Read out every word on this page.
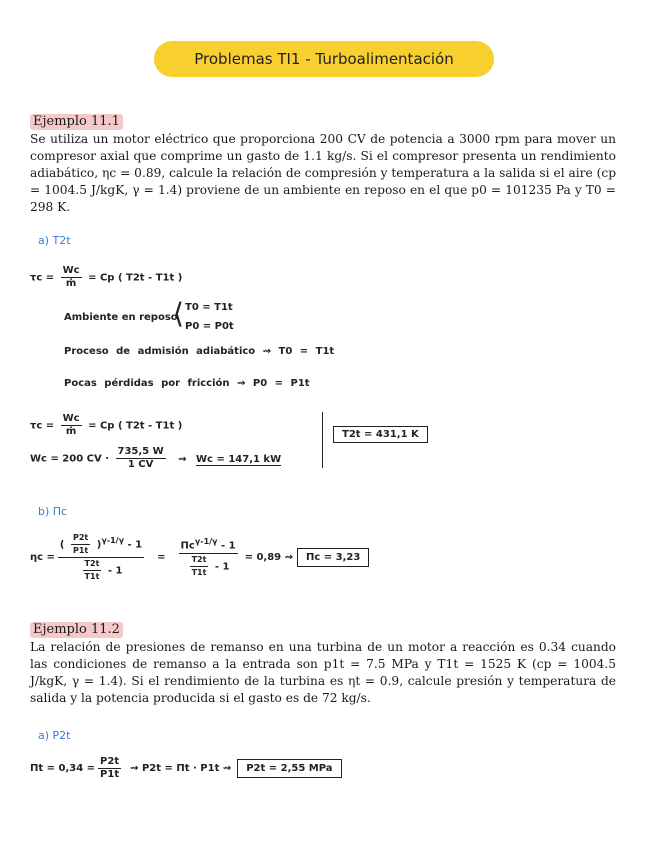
Problemas TI1 - Turboalimentación
Ejemplo 11.1

Se utiliza un motor eléctrico que proporciona 200 CV de potencia a 3000 rpm para mover un compresor axial que comprime un gasto de 1.1 kg/s. Si el compresor presenta un rendimiento adiabático, ηc = 0.89, calcule la relación de compresión y temperatura a la salida si el aire (cp = 1004.5 J/kgK, γ = 1.4) proviene de un ambiente en reposo en el que p0 = 101235 Pa y T0 = 298 K.

a) T2t
$\tau c = \frac{Wc}{\text{ṁ}} = Cp$ ( T2t - T1t )
Ambiente en reposo
⟨ T0 = T1t
P0 = P0t
Proceso de admisión adiabático ⇝ T0 = T1t
Pocas pérdidas por fricción ⇝ P0 = P1t
$\tau c = \frac{Wc}{\text{ṁ}} = Cp$ ( T2t - T1t )
Wc = 200 CV · $\frac{735,5 W}{1 CV}$ ⇝ Wc = 147,1 kW
T2t = 431,1 K
b) Πc
$\eta c = \frac{( \frac{P2t}{P1t} )^{\gamma-1/\gamma} - 1}{\frac{T2t}{T1t} - 1} = \frac{\Pi c^{\gamma-1/\gamma} - 1}{\frac{T2t}{T1t} - 1} = 0,89$ ⇝	Πc = 3,23
Ejemplo 11.2

La relación de presiones de remanso en una turbina de un motor a reacción es 0.34 cuando las condiciones de remanso a la entrada son p1t = 7.5 MPa y T1t = 1525 K (cp = 1004.5 J/kgK, γ = 1.4). Si el rendimiento de la turbina es ηt = 0.9, calcule presión y temperatura de salida y la potencia producida si el gasto es de 72 kg/s.

a) P2t
$\Pi t = 0,34 = \frac{P2t}{P1t}$ ⇝ P2t = Πt · P1t ⇝	P2t = 2,55 MPa
